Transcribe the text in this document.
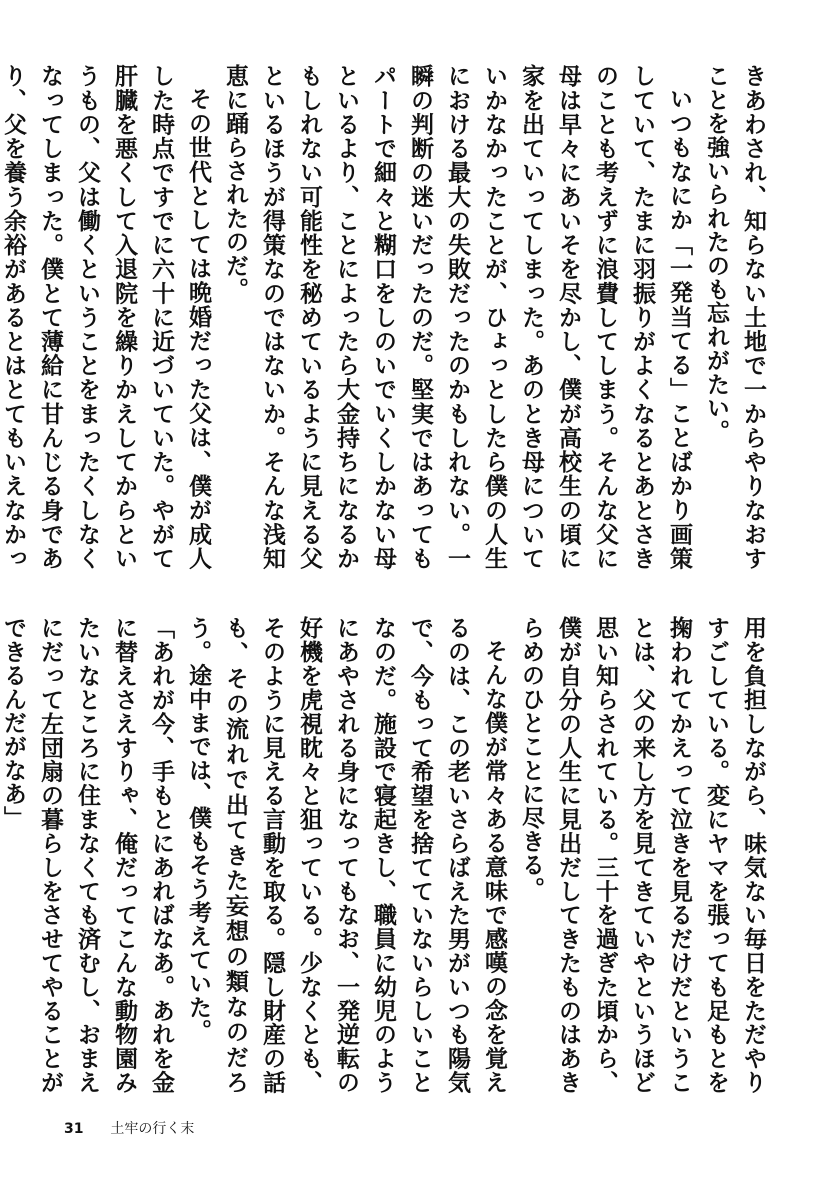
きあわされ、知らない土地で一からやりなおすことを強いられたのも忘れがたい。

いつもなにか「一発当てる」ことばかり画策していて、たまに羽振りがよくなるとあとさきのことも考えずに浪費してしまう。そんな父に母は早々にあいそを尽かし、僕が高校生の頃に家を出ていってしまった。あのとき母についていかなかったことが、ひょっとしたら僕の人生における最大の失敗だったのかもしれない。一瞬の判断の迷いだったのだ。堅実ではあってもパートで細々と糊口をしのいでいくしかない母といるより、ことによったら大金持ちになるかもしれない可能性を秘めているように見える父といるほうが得策なのではないか。そんな浅知恵に踊らされたのだ。

その世代としては晩婚だった父は、僕が成人した時点ですでに六十に近づいていた。やがて肝臓を悪くして入退院を繰りかえしてからというもの、父は働くということをまったくしなくなってしまった。僕とて薄給に甘んじる身であり、父を養う余裕があるとはとてもいえなかっ

用を負担しながら、味気ない毎日をただやりすごしている。変にヤマを張っても足もとを掬われてかえって泣きを見るだけだということは、父の来し方を見てきていやというほど思い知らされている。三十を過ぎた頃から、僕が自分の人生に見出だしてきたものはあきらめのひとことに尽きる。

そんな僕が常々ある意味で感嘆の念を覚えるのは、この老いさらばえた男がいつも陽気で、今もって希望を捨てていないらしいことなのだ。施設で寝起きし、職員に幼児のようにあやされる身になってもなお、一発逆転の好機を虎視眈々と狙っている。少なくとも、そのように見える言動を取る。隠し財産の話も、その流れで出てきた妄想の類なのだろう。途中までは、僕もそう考えていた。

「あれが今、手もとにあればなあ。あれを金に替えさえすりゃ、俺だってこんな動物園みたいなところに住まなくても済むし、おまえにだって左団扇の暮らしをさせてやることができるんだがなあ」

31 土牢の行く末
